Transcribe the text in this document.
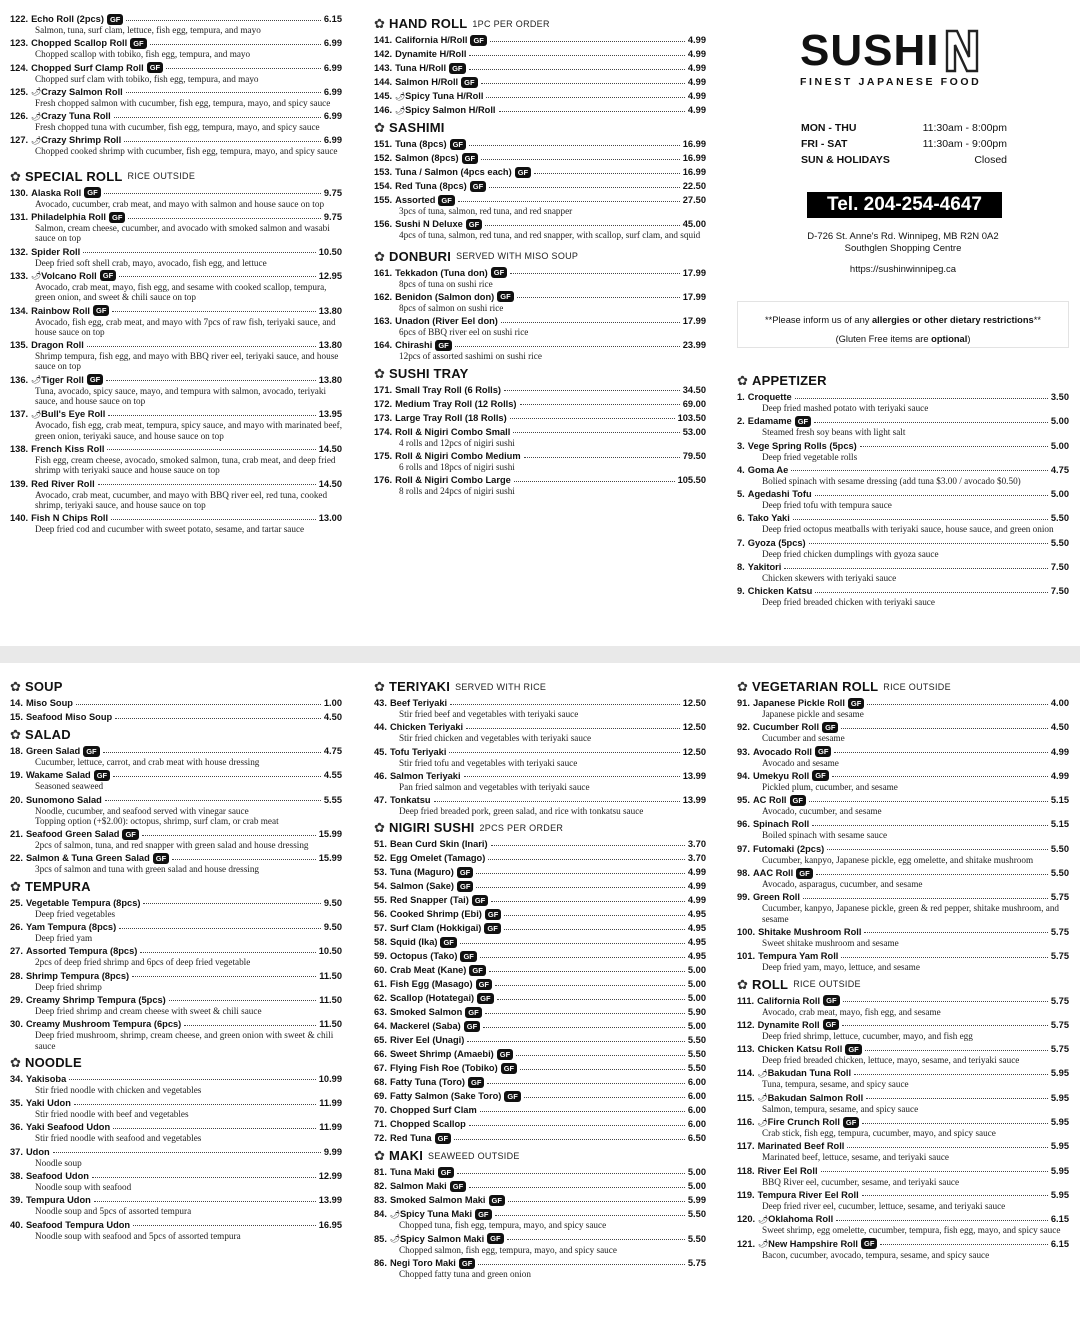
122. Echo Roll (2pcs) GF	6.15
Salmon, tuna, surf clam, lettuce, fish egg, tempura, and mayo
123. Chopped Scallop Roll GF	6.99
Chopped scallop with tobiko, fish egg, tempura, and mayo
124. Chopped Surf Clamp Roll GF	6.99
Chopped surf clam with tobiko, fish egg, tempura, and mayo
125. 🌶 Crazy Salmon Roll	6.99
Fresh chopped salmon with cucumber, fish egg, tempura, mayo, and spicy sauce
126. 🌶 Crazy Tuna Roll	6.99
Fresh chopped tuna with cucumber, fish egg, tempura, mayo, and spicy sauce
127. 🌶 Crazy Shrimp Roll	6.99
Chopped cooked shrimp with cucumber, fish egg, tempura, mayo, and spicy sauce
✿ SPECIAL ROLL RICE OUTSIDE
130. Alaska Roll GF	9.75
Avocado, cucumber, crab meat, and mayo with salmon and house sauce on top
131. Philadelphia Roll GF	9.75
Salmon, cream cheese, cucumber, and avocado with smoked salmon and wasabi sauce on top
132. Spider Roll	10.50
Deep fried soft shell crab, mayo, avocado, fish egg, and lettuce
133. 🌶 Volcano Roll GF	12.95
Avocado, crab meat, mayo, fish egg, and sesame with cooked scallop, tempura, green onion, and sweet & chili sauce on top
134. Rainbow Roll GF	13.80
Avocado, fish egg, crab meat, and mayo with 7pcs of raw fish, teriyaki sauce, and house sauce on top
135. Dragon Roll	13.80
Shrimp tempura, fish egg, and mayo with BBQ river eel, teriyaki sauce, and house sauce on top
136. 🌶 Tiger Roll GF	13.80
Tuna, avocado, spicy sauce, mayo, and tempura with salmon, avocado, teriyaki sauce, and house sauce on top
137. 🌶 Bull's Eye Roll	13.95
Avocado, fish egg, crab meat, tempura, spicy sauce, and mayo with marinated beef, green onion, teriyaki sauce, and house sauce on top
138. French Kiss Roll	14.50
Fish egg, cream cheese, avocado, smoked salmon, tuna, crab meat, and deep fried shrimp with teriyaki sauce and house sauce on top
139. Red River Roll	14.50
Avocado, crab meat, cucumber, and mayo with BBQ river eel, red tuna, cooked shrimp, teriyaki sauce, and house sauce on top
140. Fish N Chips Roll	13.00
Deep fried cod and cucumber with sweet potato, sesame, and tartar sauce
✿ HAND ROLL 1PC PER ORDER
141. California H/Roll GF	4.99
142. Dynamite H/Roll	4.99
143. Tuna H/Roll GF	4.99
144. Salmon H/Roll GF	4.99
145. 🌶 Spicy Tuna H/Roll	4.99
146. 🌶 Spicy Salmon H/Roll	4.99
✿ SASHIMI
151. Tuna (8pcs) GF	16.99
152. Salmon (8pcs) GF	16.99
153. Tuna / Salmon (4pcs each) GF	16.99
154. Red Tuna (8pcs) GF	22.50
155. Assorted GF	27.50
3pcs of tuna, salmon, red tuna, and red snapper
156. Sushi N Deluxe GF	45.00
4pcs of tuna, salmon, red tuna, and red snapper, with scallop, surf clam, and squid
✿ DONBURI SERVED WITH MISO SOUP
161. Tekkadon (Tuna don) GF	17.99
8pcs of tuna on sushi rice
162. Benidon (Salmon don) GF	17.99
8pcs of salmon on sushi rice
163. Unadon (River Eel don)	17.99
6pcs of BBQ river eel on sushi rice
164. Chirashi GF	23.99
12pcs of assorted sashimi on sushi rice
✿ SUSHI TRAY
171. Small Tray Roll (6 Rolls)	34.50
172. Medium Tray Roll (12 Rolls)	69.00
173. Large Tray Roll (18 Rolls)	103.50
174. Roll & Nigiri Combo Small	53.00
4 rolls and 12pcs of nigiri sushi
175. Roll & Nigiri Combo Medium	79.50
6 rolls and 18pcs of nigiri sushi
176. Roll & Nigiri Combo Large	105.50
8 rolls and 24pcs of nigiri sushi
SUSHI	N
FINEST JAPANESE FOOD
MON - THU	11:30am - 8:00pm
FRI - SAT	11:30am - 9:00pm
SUN & HOLIDAYS	Closed
Tel. 204-254-4647
D-726 St. Anne's Rd. Winnipeg, MB R2N 0A2
Southglen Shopping Centre
https://sushinwinnipeg.ca
**Please inform us of any allergies or other dietary restrictions**
(Gluten Free items are optional)
✿ APPETIZER
1. Croquette	3.50
Deep fried mashed potato with teriyaki sauce
2. Edamame GF	5.00
Steamed fresh soy beans with light salt
3. Vege Spring Rolls (5pcs)	5.00
Deep fried vegetable rolls
4. Goma Ae	4.75
Bolied spinach with sesame dressing (add tuna $3.00 / avocado $0.50)
5. Agedashi Tofu	5.00
Deep fried tofu with tempura sauce
6. Tako Yaki	5.50
Deep fried octopus meatballs with teriyaki sauce, house sauce, and green onion
7. Gyoza (5pcs)	5.50
Deep fried chicken dumplings with gyoza sauce
8. Yakitori	7.50
Chicken skewers with teriyaki sauce
9. Chicken Katsu	7.50
Deep fried breaded chicken with teriyaki sauce
✿ SOUP
14. Miso Soup	1.00
15. Seafood Miso Soup	4.50
✿ SALAD
18. Green Salad GF	4.75
Cucumber, lettuce, carrot, and crab meat with house dressing
19. Wakame Salad GF	4.55
Seasoned seaweed
20. Sunomono Salad	5.55
Noodle, cucumber, and seafood served with vinegar sauce
Topping option (+$2.00): octopus, shrimp, surf clam, or crab meat
21. Seafood Green Salad GF	15.99
2pcs of salmon, tuna, and red snapper with green salad and house dressing
22. Salmon & Tuna Green Salad GF	15.99
3pcs of salmon and tuna with green salad and house dressing
✿ TEMPURA
25. Vegetable Tempura (8pcs)	9.50
Deep fried vegetables
26. Yam Tempura (8pcs)	9.50
Deep fried yam
27. Assorted Tempura (8pcs)	10.50
2pcs of deep fried shrimp and 6pcs of deep fried vegetable
28. Shrimp Tempura (8pcs)	11.50
Deep fried shrimp
29. Creamy Shrimp Tempura (5pcs)	11.50
Deep fried shrimp and cream cheese with sweet & chili sauce
30. Creamy Mushroom Tempura (6pcs)	11.50
Deep fried mushroom, shrimp, cream cheese, and green onion with sweet & chili sauce
✿ NOODLE
34. Yakisoba	10.99
Stir fried noodle with chicken and vegetables
35. Yaki Udon	11.99
Stir fried noodle with beef and vegetables
36. Yaki Seafood Udon	11.99
Stir fried noodle with seafood and vegetables
37. Udon	9.99
Noodle soup
38. Seafood Udon	12.99
Noodle soup with seafood
39. Tempura Udon	13.99
Noodle soup and 5pcs of assorted tempura
40. Seafood Tempura Udon	16.95
Noodle soup with seafood and 5pcs of assorted tempura
✿ TERIYAKI SERVED WITH RICE
43. Beef Teriyaki	12.50
Stir fried beef and vegetables with teriyaki sauce
44. Chicken Teriyaki	12.50
Stir fried chicken and vegetables with teriyaki sauce
45. Tofu Teriyaki	12.50
Stir fried tofu and vegetables with teriyaki sauce
46. Salmon Teriyaki	13.99
Pan fried salmon and vegetables with teriyaki sauce
47. Tonkatsu	13.99
Deep fried breaded pork, green salad, and rice with tonkatsu sauce
✿ NIGIRI SUSHI 2PCS PER ORDER
51. Bean Curd Skin (Inari)	3.70
52. Egg Omelet (Tamago)	3.70
53. Tuna (Maguro) GF	4.99
54. Salmon (Sake) GF	4.99
55. Red Snapper (Tai) GF	4.99
56. Cooked Shrimp (Ebi) GF	4.95
57. Surf Clam (Hokkigai) GF	4.95
58. Squid (Ika) GF	4.95
59. Octopus (Tako) GF	4.95
60. Crab Meat (Kane) GF	5.00
61. Fish Egg (Masago) GF	5.00
62. Scallop (Hotategai) GF	5.00
63. Smoked Salmon GF	5.90
64. Mackerel (Saba) GF	5.00
65. River Eel (Unagi)	5.50
66. Sweet Shrimp (Amaebi) GF	5.50
67. Flying Fish Roe (Tobiko) GF	5.50
68. Fatty Tuna (Toro) GF	6.00
69. Fatty Salmon (Sake Toro) GF	6.00
70. Chopped Surf Clam	6.00
71. Chopped Scallop	6.00
72. Red Tuna GF	6.50
✿ MAKI SEAWEED OUTSIDE
81. Tuna Maki GF	5.00
82. Salmon Maki GF	5.00
83. Smoked Salmon Maki GF	5.99
84. 🌶 Spicy Tuna Maki GF	5.50
Chopped tuna, fish egg, tempura, mayo, and spicy sauce
85. 🌶 Spicy Salmon Maki GF	5.50
Chopped salmon, fish egg, tempura, mayo, and spicy sauce
86. Negi Toro Maki GF	5.75
Chopped fatty tuna and green onion
✿ VEGETARIAN ROLL RICE OUTSIDE
91. Japanese Pickle Roll GF	4.00
Japanese pickle and sesame
92. Cucumber Roll GF	4.50
Cucumber and sesame
93. Avocado Roll GF	4.99
Avocado and sesame
94. Umekyu Roll GF	4.99
Pickled plum, cucumber, and sesame
95. AC Roll GF	5.15
Avocado, cucumber, and sesame
96. Spinach Roll	5.15
Boiled spinach with sesame sauce
97. Futomaki (2pcs)	5.50
Cucumber, kanpyo, Japanese pickle, egg omelette, and shitake mushroom
98. AAC Roll GF	5.50
Avocado, asparagus, cucumber, and sesame
99. Green Roll	5.75
Cucumber, kanpyo, Japanese pickle, green & red pepper, shitake mushroom, and sesame
100. Shitake Mushroom Roll	5.75
Sweet shitake mushroom and sesame
101. Tempura Yam Roll	5.75
Deep fried yam, mayo, lettuce, and sesame
✿ ROLL RICE OUTSIDE
111. California Roll GF	5.75
Avocado, crab meat, mayo, fish egg, and sesame
112. Dynamite Roll GF	5.75
Deep fried shrimp, lettuce, cucumber, mayo, and fish egg
113. Chicken Katsu Roll GF	5.75
Deep fried breaded chicken, lettuce, mayo, sesame, and teriyaki sauce
114. 🌶 Bakudan Tuna Roll	5.95
Tuna, tempura, sesame, and spicy sauce
115. 🌶 Bakudan Salmon Roll	5.95
Salmon, tempura, sesame, and spicy sauce
116. 🌶 Fire Crunch Roll GF	5.95
Crab stick, fish egg, tempura, cucumber, mayo, and spicy sauce
117. Marinated Beef Roll	5.95
Marinated beef, lettuce, sesame, and teriyaki sauce
118. River Eel Roll	5.95
BBQ River eel, cucumber, sesame, and teriyaki sauce
119. Tempura River Eel Roll	5.95
Deep fried river eel, cucumber, lettuce, sesame, and teriyaki sauce
120. 🌶 Oklahoma Roll	6.15
Sweet shrimp, egg omelette, cucumber, tempura, fish egg, mayo, and spicy sauce
121. 🌶 New Hampshire Roll GF	6.15
Bacon, cucumber, avocado, tempura, sesame, and spicy sauce
